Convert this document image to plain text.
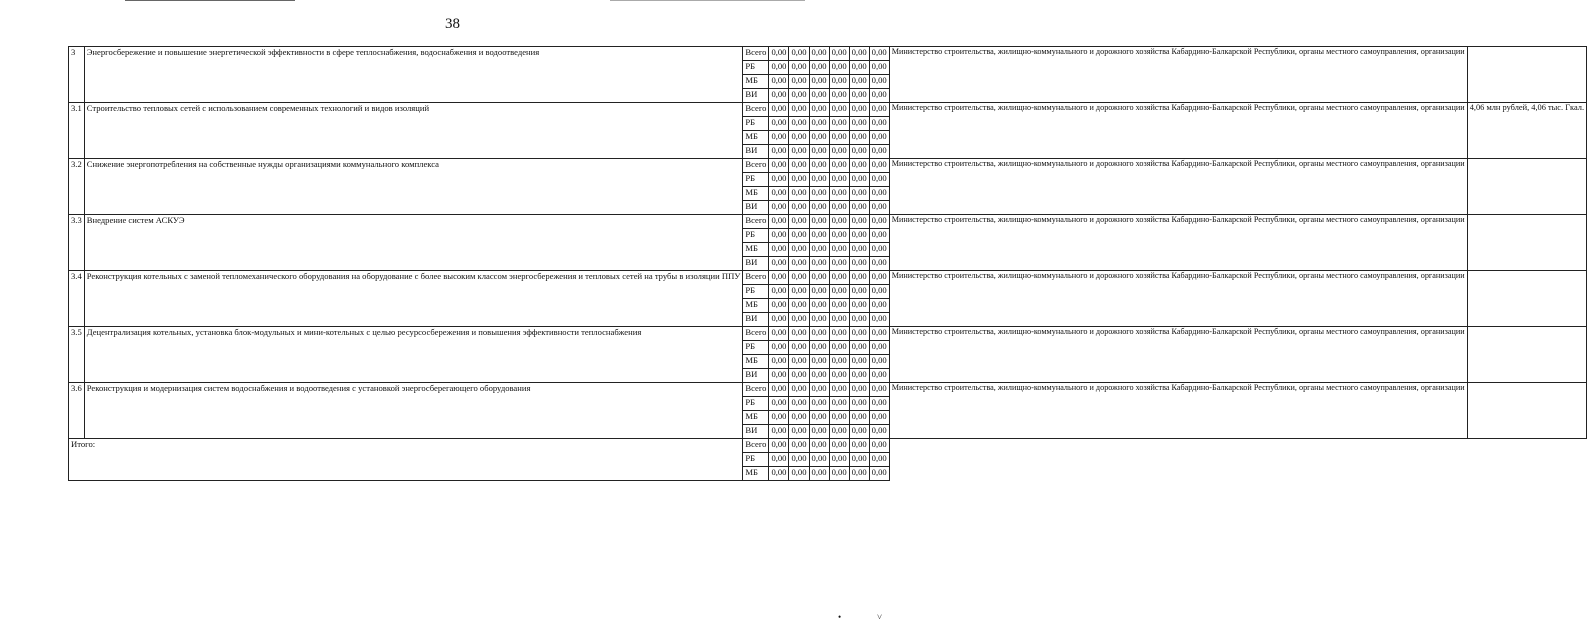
38
3	Энергосбережение и повышение энергетической эффективности в сфере теплоснабжения, водоснабжения и водоотведения	Всего	0,00	0,00	0,00	0,00	0,00	0,00	Министерство строительства, жилищно-коммунального и дорожного хозяйства Кабардино-Балкарской Республики, органы местного самоуправления, организации	
		РБ	0,00	0,00	0,00	0,00	0,00	0,00		
		МБ	0,00	0,00	0,00	0,00	0,00	0,00		
		ВИ	0,00	0,00	0,00	0,00	0,00	0,00		
3.1	Строительство тепловых сетей с использованием современных технологий и видов изоляций	Всего	0,00	0,00	0,00	0,00	0,00	0,00	Министерство строительства, жилищно-коммунального и дорожного хозяйства Кабардино-Балкарской Республики, органы местного самоуправления, организации	4,06 млн рублей, 4,06 тыс. Гкал.
		РБ	0,00	0,00	0,00	0,00	0,00	0,00		
		МБ	0,00	0,00	0,00	0,00	0,00	0,00		
		ВИ	0,00	0,00	0,00	0,00	0,00	0,00		
3.2	Снижение энергопотребления на собственные нужды организациями коммунального комплекса	Всего	0,00	0,00	0,00	0,00	0,00	0,00	Министерство строительства, жилищно-коммунального и дорожного хозяйства Кабардино-Балкарской Республики, органы местного самоуправления, организации	
		РБ	0,00	0,00	0,00	0,00	0,00	0,00		
		МБ	0,00	0,00	0,00	0,00	0,00	0,00		
		ВИ	0,00	0,00	0,00	0,00	0,00	0,00		
3.3	Внедрение систем АСКУЭ	Всего	0,00	0,00	0,00	0,00	0,00	0,00	Министерство строительства, жилищно-коммунального и дорожного хозяйства Кабардино-Балкарской Республики, органы местного самоуправления, организации	
		РБ	0,00	0,00	0,00	0,00	0,00	0,00		
		МБ	0,00	0,00	0,00	0,00	0,00	0,00		
		ВИ	0,00	0,00	0,00	0,00	0,00	0,00		
3.4	Реконструкция котельных с заменой тепломеханического оборудования на оборудование с более высоким классом энергосбережения и тепловых сетей на трубы в изоляции ППУ	Всего	0,00	0,00	0,00	0,00	0,00	0,00	Министерство строительства, жилищно-коммунального и дорожного хозяйства Кабардино-Балкарской Республики, органы местного самоуправления, организации	
		РБ	0,00	0,00	0,00	0,00	0,00	0,00		
		МБ	0,00	0,00	0,00	0,00	0,00	0,00		
		ВИ	0,00	0,00	0,00	0,00	0,00	0,00		
3.5	Децентрализация котельных, установка блок-модульных и мини-котельных с целью ресурсосбережения и повышения эффективности теплоснабжения	Всего	0,00	0,00	0,00	0,00	0,00	0,00	Министерство строительства, жилищно-коммунального и дорожного хозяйства Кабардино-Балкарской Республики, органы местного самоуправления, организации	
		РБ	0,00	0,00	0,00	0,00	0,00	0,00		
		МБ	0,00	0,00	0,00	0,00	0,00	0,00		
		ВИ	0,00	0,00	0,00	0,00	0,00	0,00		
3.6	Реконструкция и модернизация систем водоснабжения и водоотведения с установкой энергосберегающего оборудования	Всего	0,00	0,00	0,00	0,00	0,00	0,00	Министерство строительства, жилищно-коммунального и дорожного хозяйства Кабардино-Балкарской Республики, органы местного самоуправления, организации	
		РБ	0,00	0,00	0,00	0,00	0,00	0,00		
		МБ	0,00	0,00	0,00	0,00	0,00	0,00		
		ВИ	0,00	0,00	0,00	0,00	0,00	0,00		
Итого:		Всего	0,00	0,00	0,00	0,00	0,00	0,00		
		РБ	0,00	0,00	0,00	0,00	0,00	0,00		
		МБ	0,00	0,00	0,00	0,00	0,00	0,00		
•	˅
